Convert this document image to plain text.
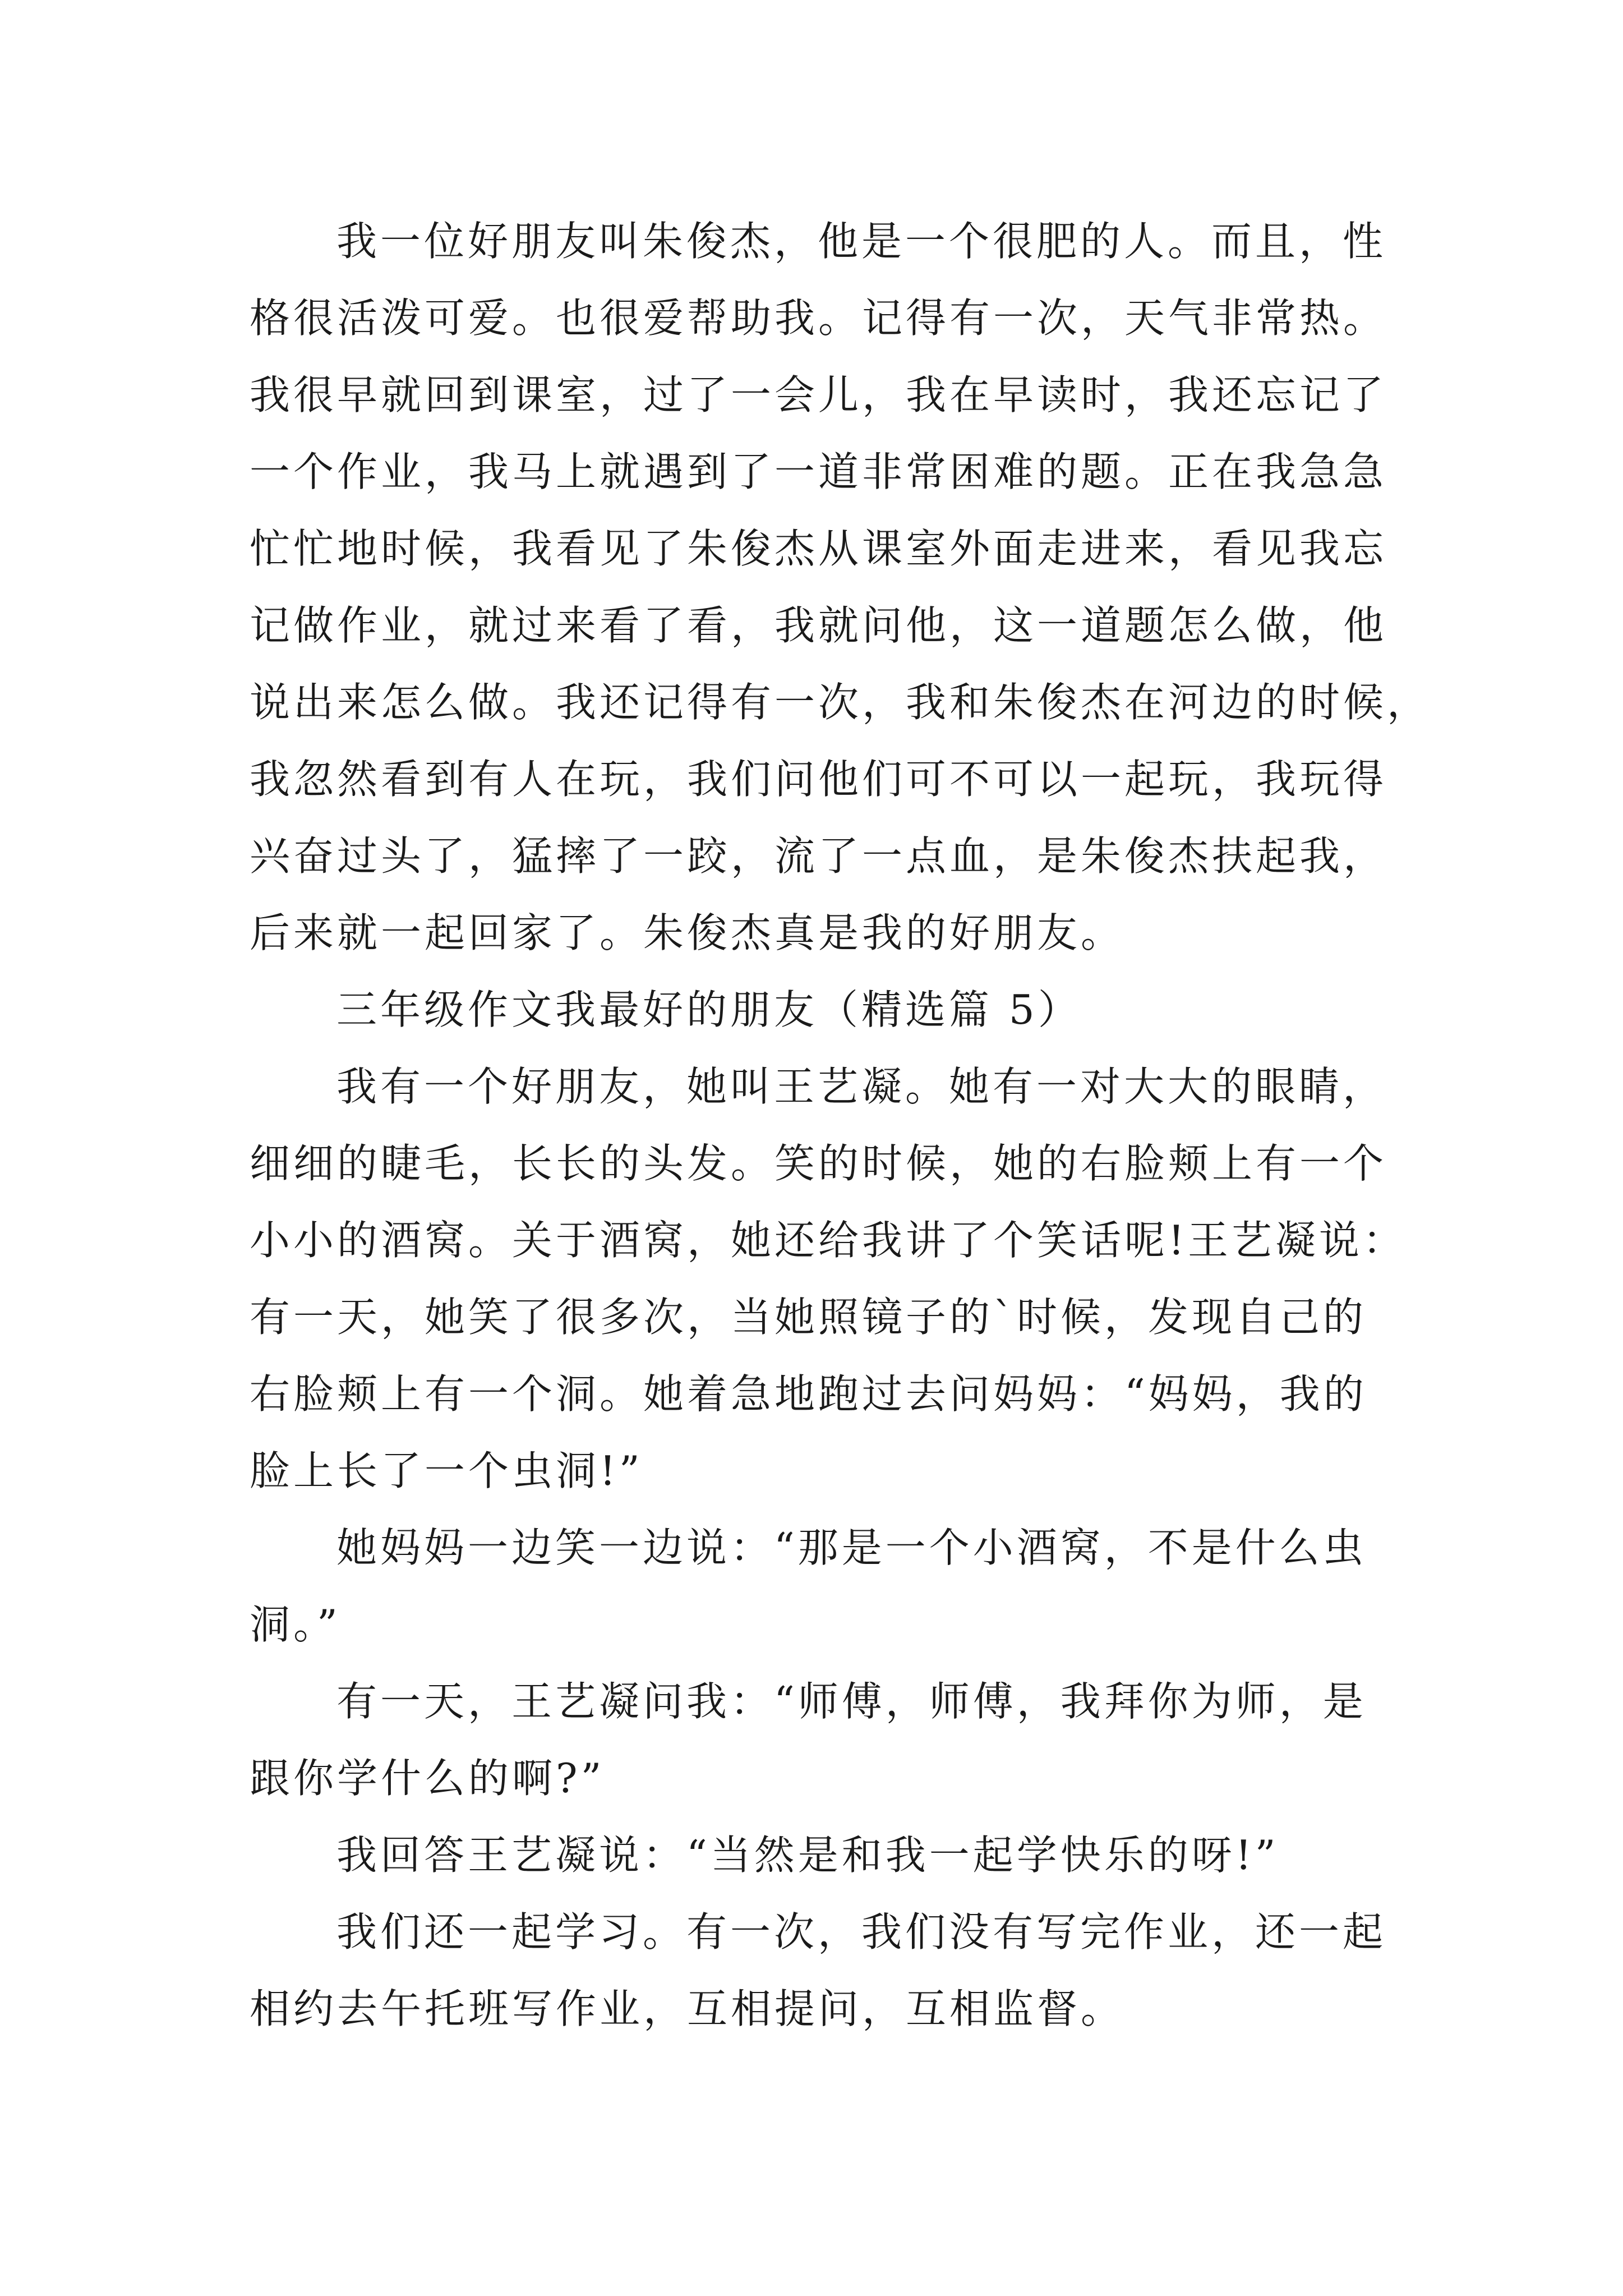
我一位好朋友叫朱俊杰，他是一个很肥的人。而且，性
格很活泼可爱。也很爱帮助我。记得有一次，天气非常热。
我很早就回到课室，过了一会儿，我在早读时，我还忘记了
一个作业，我马上就遇到了一道非常困难的题。正在我急急
忙忙地时候，我看见了朱俊杰从课室外面走进来，看见我忘
记做作业，就过来看了看，我就问他，这一道题怎么做，他
说出来怎么做。我还记得有一次，我和朱俊杰在河边的时候，
我忽然看到有人在玩，我们问他们可不可以一起玩，我玩得
兴奋过头了，猛摔了一跤，流了一点血，是朱俊杰扶起我，
后来就一起回家了。朱俊杰真是我的好朋友。
三年级作文我最好的朋友（精选篇 5）
我有一个好朋友，她叫王艺凝。她有一对大大的眼睛，
细细的睫毛，长长的头发。笑的时候，她的右脸颊上有一个
小小的酒窝。关于酒窝，她还给我讲了个笑话呢!王艺凝说：
有一天，她笑了很多次，当她照镜子的`时候，发现自己的
右脸颊上有一个洞。她着急地跑过去问妈妈：“妈妈，我的
脸上长了一个虫洞!”
她妈妈一边笑一边说：“那是一个小酒窝，不是什么虫
洞。”
有一天，王艺凝问我：“师傅，师傅，我拜你为师，是
跟你学什么的啊?”
我回答王艺凝说：“当然是和我一起学快乐的呀!”
我们还一起学习。有一次，我们没有写完作业，还一起
相约去午托班写作业，互相提问，互相监督。
